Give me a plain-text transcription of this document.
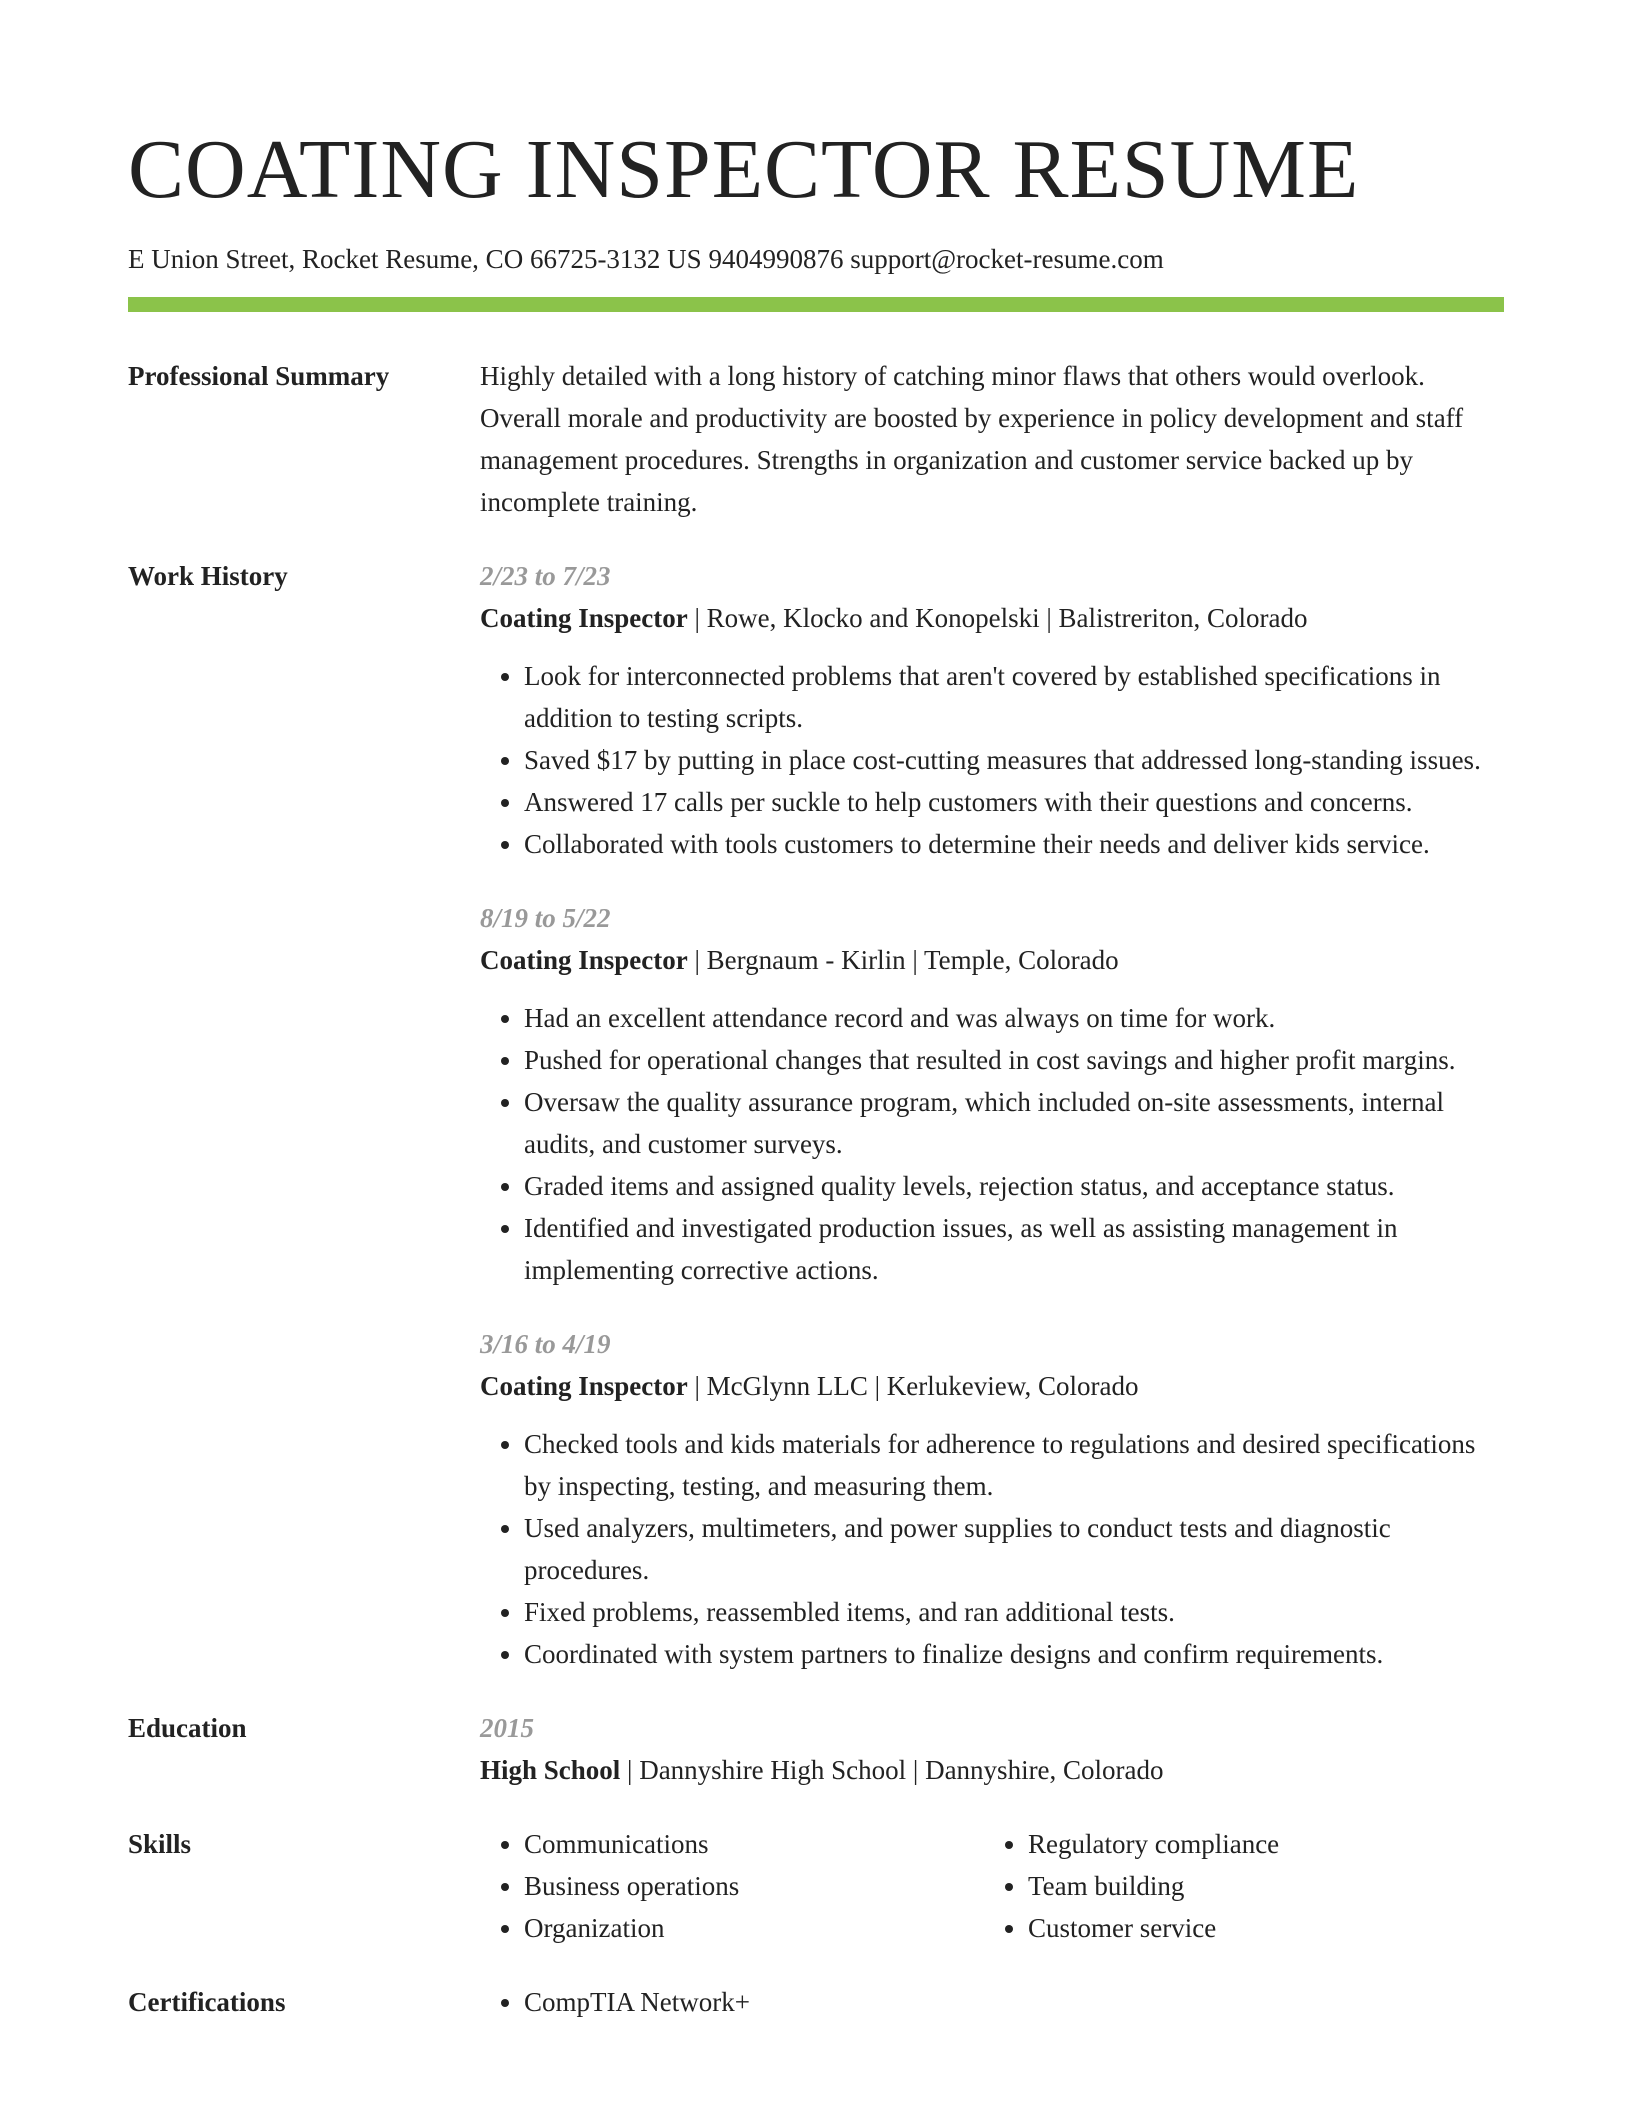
COATING INSPECTOR RESUME
E Union Street, Rocket Resume, CO 66725-3132 US 9404990876 support@rocket-resume.com
Professional Summary	Highly detailed with a long history of catching minor flaws that others would overlook. Overall morale and productivity are boosted by experience in policy development and staff management procedures. Strengths in organization and customer service backed up by incomplete training.

Work History	2/23 to 7/23
Coating Inspector | Rowe, Klocko and Konopelski | Balistreriton, Colorado
• Look for interconnected problems that aren't covered by established specifications in addition to testing scripts.
• Saved $17 by putting in place cost-cutting measures that addressed long-standing issues.
• Answered 17 calls per suckle to help customers with their questions and concerns.
• Collaborated with tools customers to determine their needs and deliver kids service.
8/19 to 5/22
Coating Inspector | Bergnaum - Kirlin | Temple, Colorado
• Had an excellent attendance record and was always on time for work.
• Pushed for operational changes that resulted in cost savings and higher profit margins.
• Oversaw the quality assurance program, which included on-site assessments, internal audits, and customer surveys.
• Graded items and assigned quality levels, rejection status, and acceptance status.
• Identified and investigated production issues, as well as assisting management in implementing corrective actions.
3/16 to 4/19
Coating Inspector | McGlynn LLC | Kerlukeview, Colorado
• Checked tools and kids materials for adherence to regulations and desired specifications by inspecting, testing, and measuring them.
• Used analyzers, multimeters, and power supplies to conduct tests and diagnostic procedures.
• Fixed problems, reassembled items, and ran additional tests.
• Coordinated with system partners to finalize designs and confirm requirements.
Education	2015
High School | Dannyshire High School | Dannyshire, Colorado
Skills	• Communications
• Business operations
• Organization
• Regulatory compliance
• Team building
• Customer service
Certifications	• CompTIA Network+
